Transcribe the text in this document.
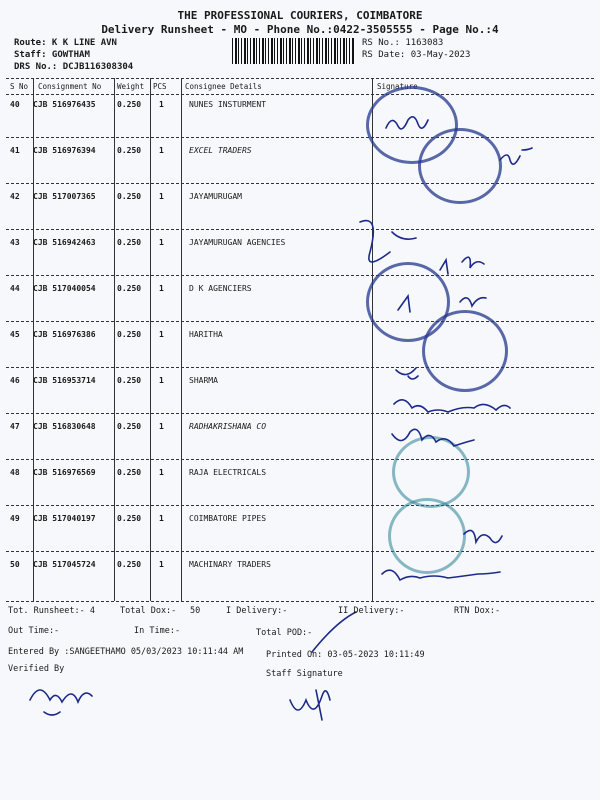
THE PROFESSIONAL COURIERS, COIMBATORE
Delivery Runsheet - MO - Phone No.:0422-3505555 - Page No.:4
Route: K K LINE AVN
Staff: GOWTHAM
DRS No.: DCJB116308304
RS No.: 1163083
RS Date: 03-May-2023
S No Consignment No Weight PCS Consignee Details	Signature
40 CJB 516976435	0.250 1	NUNES INSTURMENT
41 CJB 516976394	0.250 1	EXCEL TRADERS
42 CJB 517007365	0.250 1	JAYAMURUGAM
43 CJB 516942463	0.250 1	JAYAMURUGAN AGENCIES
44 CJB 517040054	0.250 1	D K AGENCIERS
45 CJB 516976386	0.250 1	HARITHA
46 CJB 516953714	0.250 1	SHARMA
47 CJB 516830648	0.250 1	RADHAKRISHANA CO
48 CJB 516976569	0.250 1	RAJA ELECTRICALS
49 CJB 517040197	0.250 1	COIMBATORE PIPES
50 CJB 517045724	0.250 1	MACHINARY TRADERS
Tot. Runsheet:- 4	Total Dox:- 50	I Delivery:-	II Delivery:-	RTN Dox:-
Out Time:-	In Time:-	Total POD:-
Entered By :SANGEETHAMO 05/03/2023 10:11:44 AM	Printed On: 03-05-2023 10:11:49
Verified By	Staff Signature
